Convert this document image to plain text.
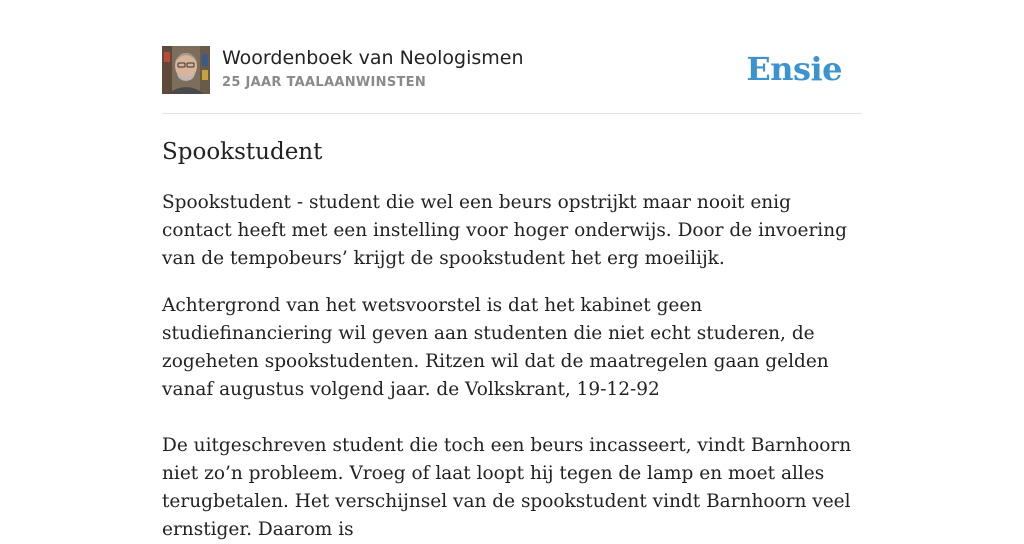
Woordenboek van Neologismen
25 JAAR TAALAANWINSTEN	Ensie
Spookstudent

Spookstudent - student die wel een beurs opstrijkt maar nooit enig contact heeft met een instelling voor hoger onderwijs. Door de invoering van de tempobeurs’ krijgt de spookstudent het erg moeilijk.

Achtergrond van het wetsvoorstel is dat het kabinet geen studiefinanciering wil geven aan studenten die niet echt studeren, de zogeheten spookstudenten. Ritzen wil dat de maatregelen gaan gelden vanaf augustus volgend jaar. de Volkskrant, 19-12-92

De uitgeschreven student die toch een beurs incasseert, vindt Barnhoorn niet zo’n probleem. Vroeg of laat loopt hij tegen de lamp en moet alles terugbetalen. Het verschijnsel van de spookstudent vindt Barnhoorn veel ernstiger. Daarom is
